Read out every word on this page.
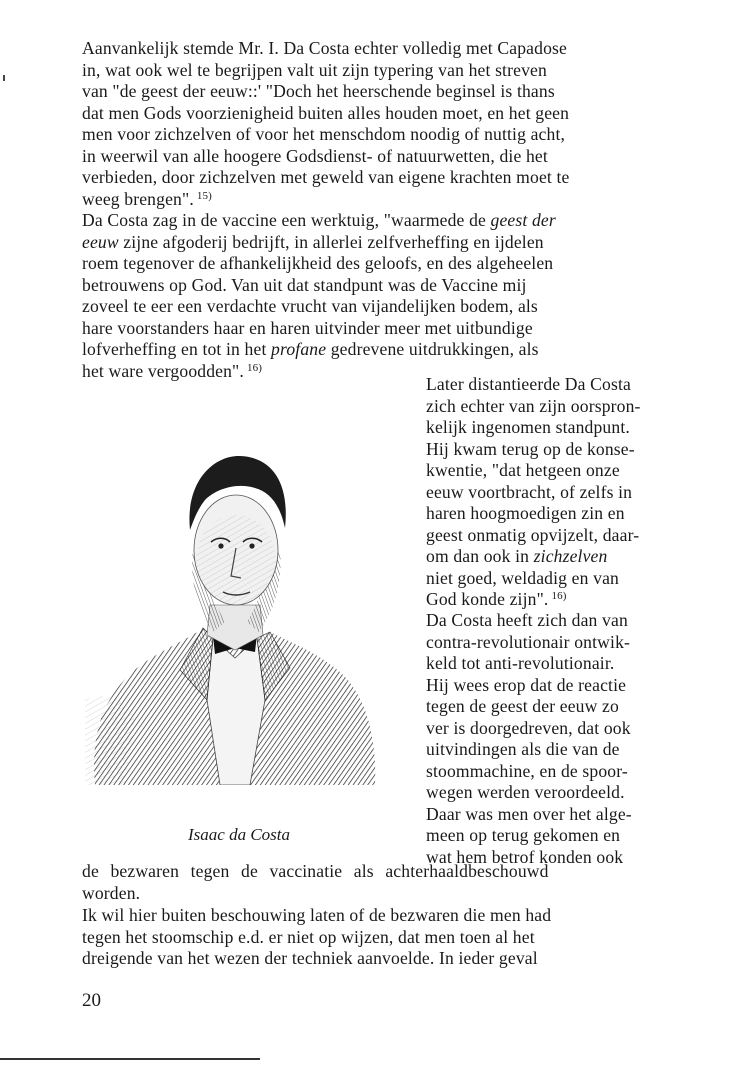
Aanvankelijk stemde Mr. I. Da Costa echter volledig met Capadose
in, wat ook wel te begrijpen valt uit zijn typering van het streven
van "de geest der eeuw::' "Doch het heerschende beginsel is thans
dat men Gods voorzienigheid buiten alles houden moet, en het geen
men voor zichzelven of voor het menschdom noodig of nuttig acht,
in weerwil van alle hoogere Godsdienst- of natuurwetten, die het
verbieden, door zichzelven met geweld van eigene krachten moet te
weeg brengen". $^{15)}$
Da Costa zag in de vaccine een werktuig, "waarmede de geest der
eeuw zijne afgoderij bedrijft, in allerlei zelfverheffing en ijdelen
roem tegenover de afhankelijkheid des geloofs, en des algeheelen
betrouwens op God. Van uit dat standpunt was de Vaccine mij
zoveel te eer een verdachte vrucht van vijandelijken bodem, als
hare voorstanders haar en haren uitvinder meer met uitbundige
lofverheffing en tot in het profane gedrevene uitdrukkingen, als
het ware vergoodden". $^{16)}$
Isaac da Costa
Later distantieerde Da Costa
zich echter van zijn oorspron-
kelijk ingenomen standpunt.
Hij kwam terug op de konse-
kwentie, "dat hetgeen onze
eeuw voortbracht, of zelfs in
haren hoogmoedigen zin en
geest onmatig opvijzelt, daar-
om dan ook in zichzelven
niet goed, weldadig en van
God konde zijn". $^{16)}$
Da Costa heeft zich dan van
contra-revolutionair ontwik-
keld tot anti-revolutionair.
Hij wees erop dat de reactie
tegen de geest der eeuw zo
ver is doorgedreven, dat ook
uitvindingen als die van de
stoommachine, en de spoor-
wegen werden veroordeeld.
Daar was men over het alge-
meen op terug gekomen en
wat hem betrof konden ook
de bezwaren tegen de vaccinatie als achterhaaldbeschouwd
worden.
Ik wil hier buiten beschouwing laten of de bezwaren die men had
tegen het stoomschip e.d. er niet op wijzen, dat men toen al het
dreigende van het wezen der techniek aanvoelde. In ieder geval
20
